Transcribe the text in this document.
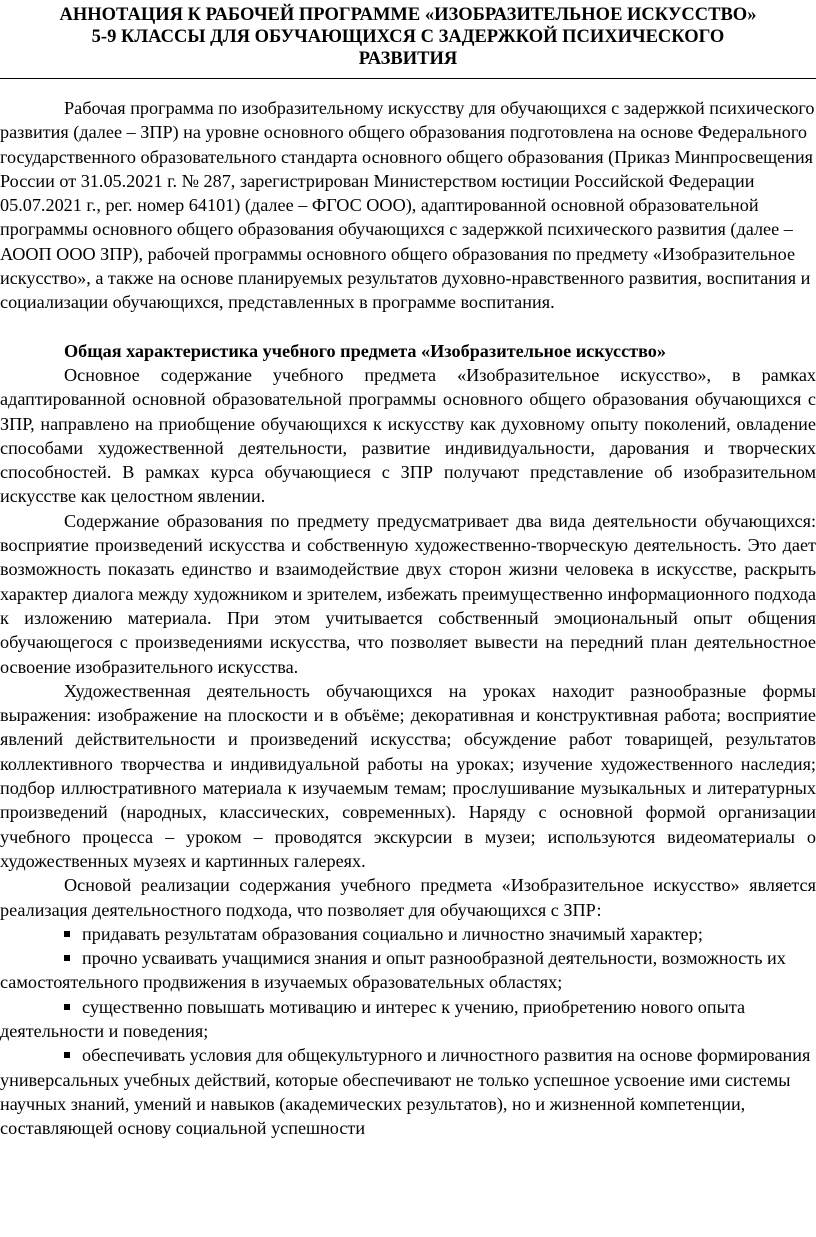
АННОТАЦИЯ К РАБОЧЕЙ ПРОГРАММЕ «ИЗОБРАЗИТЕЛЬНОЕ ИСКУССТВО»
5-9 КЛАССЫ ДЛЯ ОБУЧАЮЩИХСЯ С ЗАДЕРЖКОЙ ПСИХИЧЕСКОГО
РАЗВИТИЯ

Рабочая программа по изобразительному искусству для обучающихся с задержкой психического развития (далее – ЗПР) на уровне основного общего образования подготовлена на основе Федерального государственного образовательного стандарта основного общего образования (Приказ Минпросвещения России от 31.05.2021 г. № 287, зарегистрирован Министерством юстиции Российской Федерации 05.07.2021 г., рег. номер 64101) (далее – ФГОС ООО), адаптированной основной образовательной программы основного общего образования обучающихся с задержкой психического развития (далее – АООП ООО ЗПР), рабочей программы основного общего образования по предмету «Изобразительное искусство», а также на основе планируемых результатов духовно-нравственного развития, воспитания и социализации обучающихся, представленных в программе воспитания.

Общая характеристика учебного предмета «Изобразительное искусство»

Основное содержание учебного предмета «Изобразительное искусство», в рамках адаптированной основной образовательной программы основного общего образования обучающихся с ЗПР, направлено на приобщение обучающихся к искусству как духовному опыту поколений, овладение способами художественной деятельности, развитие индивидуальности, дарования и творческих способностей. В рамках курса обучающиеся с ЗПР получают представление об изобразительном искусстве как целостном явлении.

Содержание образования по предмету предусматривает два вида деятельности обучающихся: восприятие произведений искусства и собственную художественно-творческую деятельность. Это дает возможность показать единство и взаимодействие двух сторон жизни человека в искусстве, раскрыть характер диалога между художником и зрителем, избежать преимущественно информационного подхода к изложению материала. При этом учитывается собственный эмоциональный опыт общения обучающегося с произведениями искусства, что позволяет вывести на передний план деятельностное освоение изобразительного искусства.

Художественная деятельность обучающихся на уроках находит разнообразные формы выражения: изображение на плоскости и в объёме; декоративная и конструктивная работа; восприятие явлений действительности и произведений искусства; обсуждение работ товарищей, результатов коллективного творчества и индивидуальной работы на уроках; изучение художественного наследия; подбор иллюстративного материала к изучаемым темам; прослушивание музыкальных и литературных произведений (народных, классических, современных). Наряду с основной формой организации учебного процесса – уроком – проводятся экскурсии в музеи; используются видеоматериалы о художественных музеях и картинных галереях.

Основой реализации содержания учебного предмета «Изобразительное искусство» является реализация деятельностного подхода, что позволяет для обучающихся с ЗПР:

придавать результатам образования социально и личностно значимый характер;

прочно усваивать учащимися знания и опыт разнообразной деятельности, возможность их самостоятельного продвижения в изучаемых образовательных областях;

существенно повышать мотивацию и интерес к учению, приобретению нового опыта деятельности и поведения;

обеспечивать условия для общекультурного и личностного развития на основе формирования универсальных учебных действий, которые обеспечивают не только успешное усвоение ими системы научных знаний, умений и навыков (академических результатов), но и жизненной компетенции, составляющей основу социальной успешности
